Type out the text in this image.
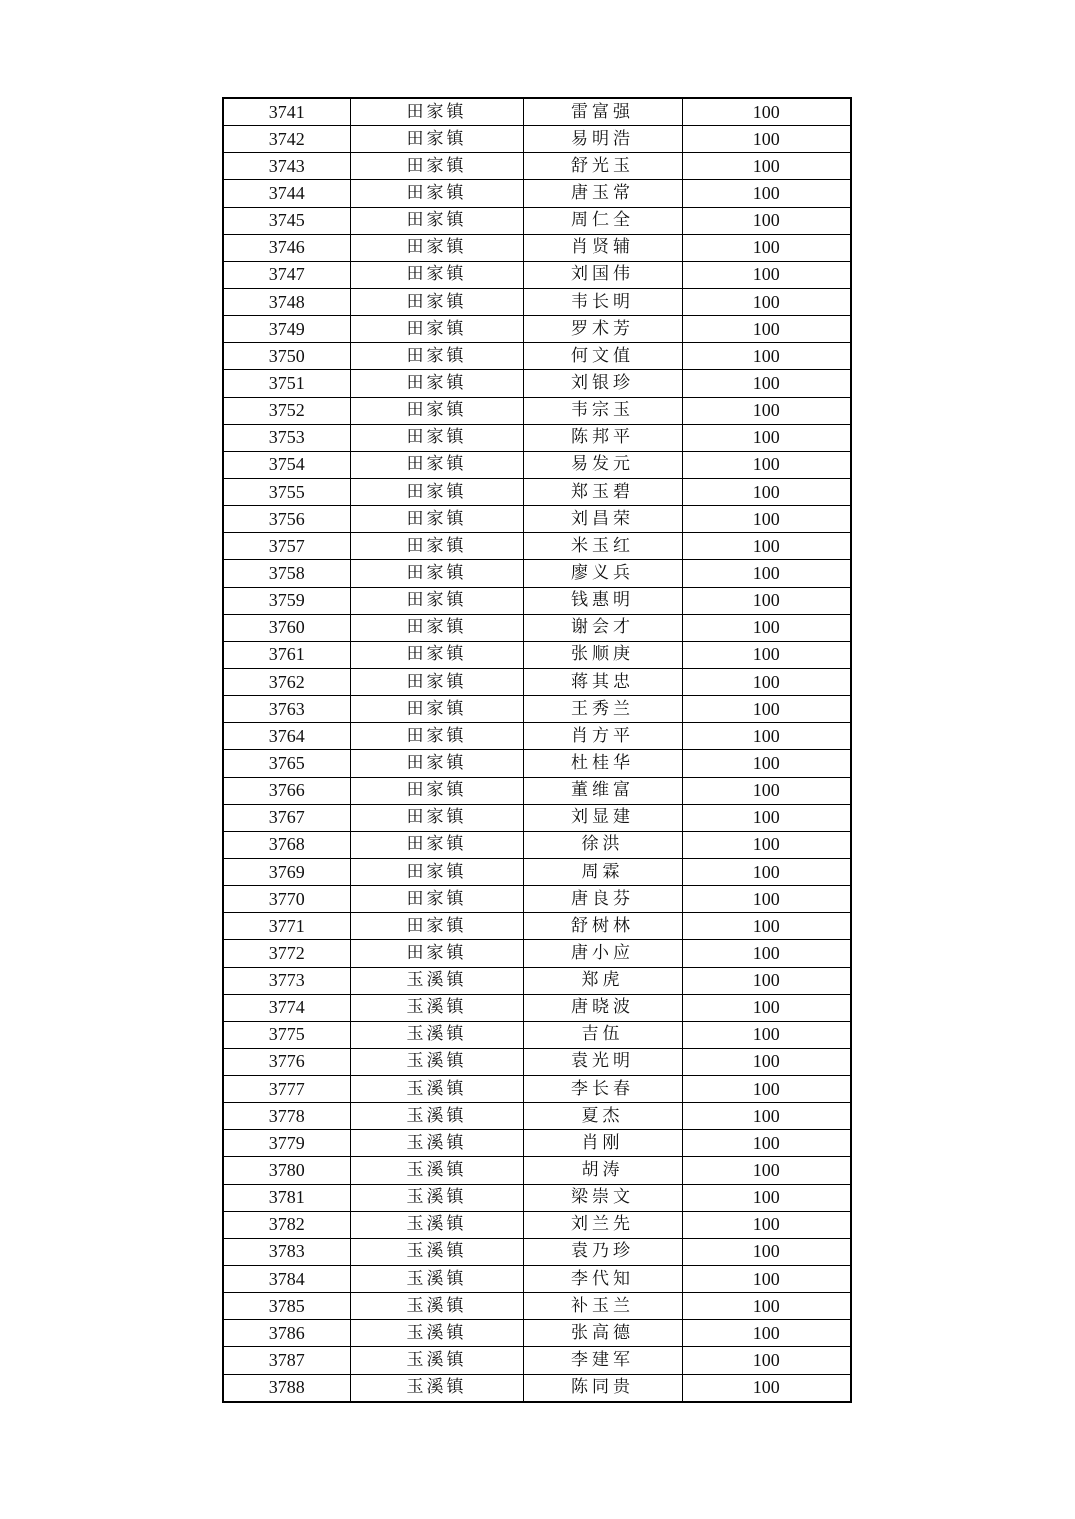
3741	田家镇	雷富强	100
3742	田家镇	易明浩	100
3743	田家镇	舒光玉	100
3744	田家镇	唐玉常	100
3745	田家镇	周仁全	100
3746	田家镇	肖贤辅	100
3747	田家镇	刘国伟	100
3748	田家镇	韦长明	100
3749	田家镇	罗术芳	100
3750	田家镇	何文值	100
3751	田家镇	刘银珍	100
3752	田家镇	韦宗玉	100
3753	田家镇	陈邦平	100
3754	田家镇	易发元	100
3755	田家镇	郑玉碧	100
3756	田家镇	刘昌荣	100
3757	田家镇	米玉红	100
3758	田家镇	廖义兵	100
3759	田家镇	钱惠明	100
3760	田家镇	谢会才	100
3761	田家镇	张顺庚	100
3762	田家镇	蒋其忠	100
3763	田家镇	王秀兰	100
3764	田家镇	肖方平	100
3765	田家镇	杜桂华	100
3766	田家镇	董维富	100
3767	田家镇	刘显建	100
3768	田家镇	徐洪	100
3769	田家镇	周霖	100
3770	田家镇	唐良芬	100
3771	田家镇	舒树林	100
3772	田家镇	唐小应	100
3773	玉溪镇	郑虎	100
3774	玉溪镇	唐晓波	100
3775	玉溪镇	吉伍	100
3776	玉溪镇	袁光明	100
3777	玉溪镇	李长春	100
3778	玉溪镇	夏杰	100
3779	玉溪镇	肖刚	100
3780	玉溪镇	胡涛	100
3781	玉溪镇	梁崇文	100
3782	玉溪镇	刘兰先	100
3783	玉溪镇	袁乃珍	100
3784	玉溪镇	李代知	100
3785	玉溪镇	补玉兰	100
3786	玉溪镇	张高德	100
3787	玉溪镇	李建军	100
3788	玉溪镇	陈同贵	100
